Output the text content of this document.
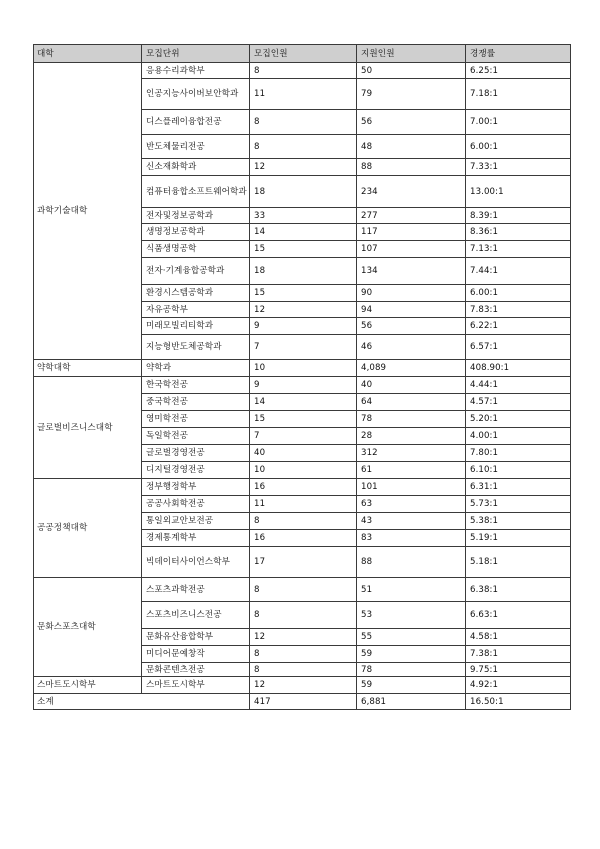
대학	모집단위	모집인원	지원인원	경쟁률
과학기술대학	응용수리과학부	8	50	6.25:1
	인공지능사이버보안학과	11	79	7.18:1
	디스플레이융합전공	8	56	7.00:1
	반도체물리전공	8	48	6.00:1
	신소재화학과	12	88	7.33:1
	컴퓨터융합소프트웨어학과	18	234	13.00:1
	전자및정보공학과	33	277	8.39:1
	생명정보공학과	14	117	8.36:1
	식품생명공학	15	107	7.13:1
	전자·기계융합공학과	18	134	7.44:1
	환경시스템공학과	15	90	6.00:1
	자유공학부	12	94	7.83:1
	미래모빌리티학과	9	56	6.22:1
	지능형반도체공학과	7	46	6.57:1
약학대학	약학과	10	4,089	408.90:1
글로벌비즈니스대학	한국학전공	9	40	4.44:1
	중국학전공	14	64	4.57:1
	영미학전공	15	78	5.20:1
	독일학전공	7	28	4.00:1
	글로벌경영전공	40	312	7.80:1
	디지털경영전공	10	61	6.10:1
공공정책대학	정부행정학부	16	101	6.31:1
	공공사회학전공	11	63	5.73:1
	통일외교안보전공	8	43	5.38:1
	경제통계학부	16	83	5.19:1
	빅데이터사이언스학부	17	88	5.18:1
문화스포츠대학	스포츠과학전공	8	51	6.38:1
	스포츠비즈니스전공	8	53	6.63:1
	문화유산융합학부	12	55	4.58:1
	미디어문예창작	8	59	7.38:1
	문화콘텐츠전공	8	78	9.75:1
스마트도시학부	스마트도시학부	12	59	4.92:1
소계		417	6,881	16.50:1
